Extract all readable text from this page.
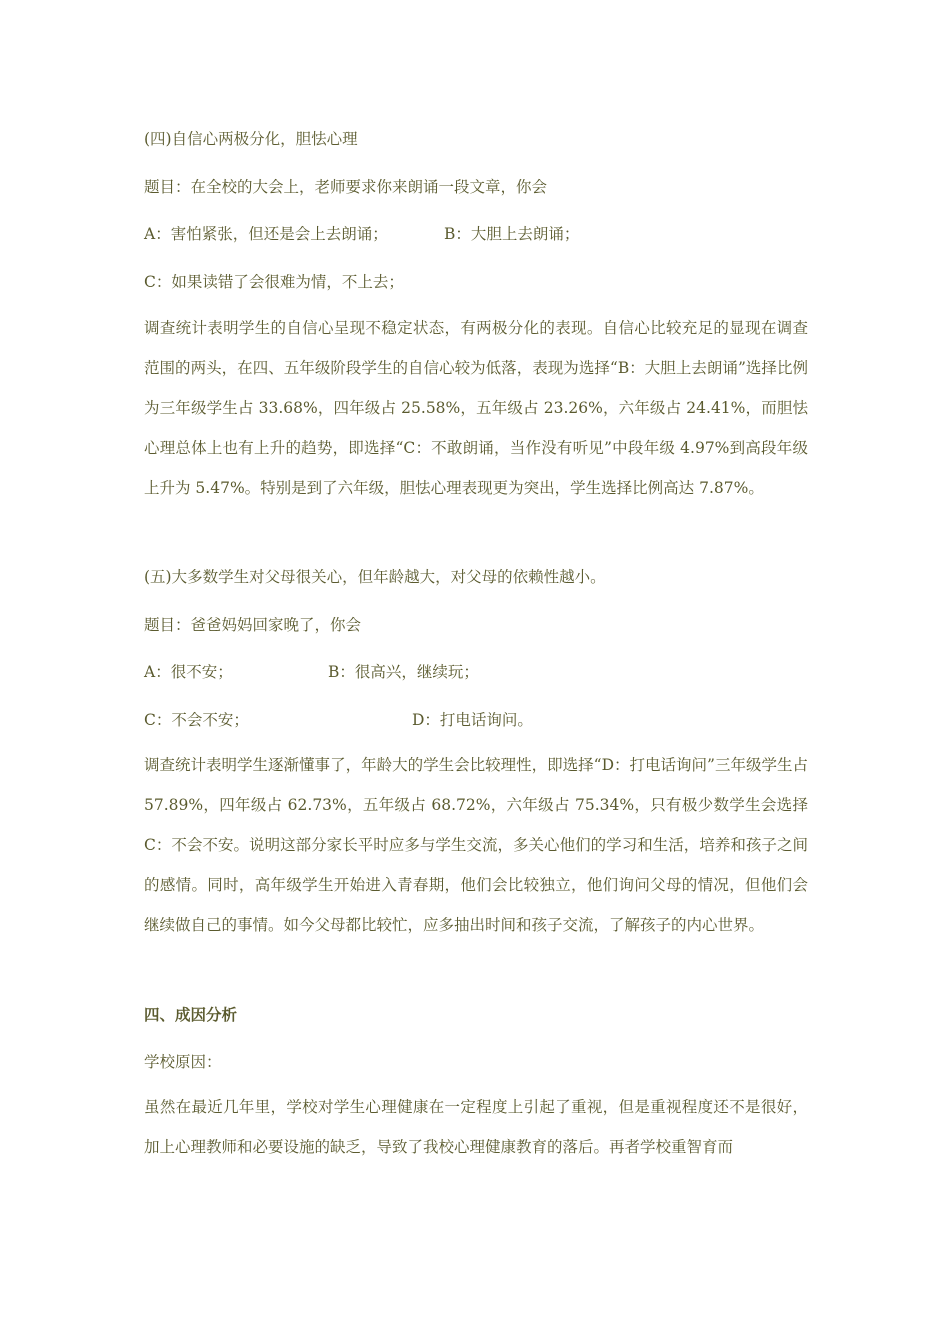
(四)自信心两极分化，胆怯心理
题目：在全校的大会上，老师要求你来朗诵一段文章，你会
A：害怕紧张，但还是会上去朗诵；	B：大胆上去朗诵；
C：如果读错了会很难为情，不上去；
调查统计表明学生的自信心呈现不稳定状态，有两极分化的表现。自信心比较充足的显现在调查范围的两头，在四、五年级阶段学生的自信心较为低落，表现为选择“B：大胆上去朗诵”选择比例为三年级学生占 33.68%，四年级占 25.58%，五年级占 23.26%，六年级占 24.41%，而胆怯心理总体上也有上升的趋势，即选择“C：不敢朗诵，当作没有听见”中段年级 4.97%到高段年级上升为 5.47%。特别是到了六年级，胆怯心理表现更为突出，学生选择比例高达 7.87%。
(五)大多数学生对父母很关心，但年龄越大，对父母的依赖性越小。
题目：爸爸妈妈回家晚了，你会
A：很不安；	B：很高兴，继续玩；
C：不会不安；	D：打电话询问。
调查统计表明学生逐渐懂事了，年龄大的学生会比较理性，即选择“D：打电话询问”三年级学生占 57.89%，四年级占 62.73%，五年级占 68.72%，六年级占 75.34%，只有极少数学生会选择 C：不会不安。说明这部分家长平时应多与学生交流，多关心他们的学习和生活，培养和孩子之间的感情。同时，高年级学生开始进入青春期，他们会比较独立，他们询问父母的情况，但他们会继续做自己的事情。如今父母都比较忙，应多抽出时间和孩子交流，了解孩子的内心世界。
四、成因分析
学校原因：
虽然在最近几年里，学校对学生心理健康在一定程度上引起了重视，但是重视程度还不是很好，加上心理教师和必要设施的缺乏，导致了我校心理健康教育的落后。再者学校重智育而
